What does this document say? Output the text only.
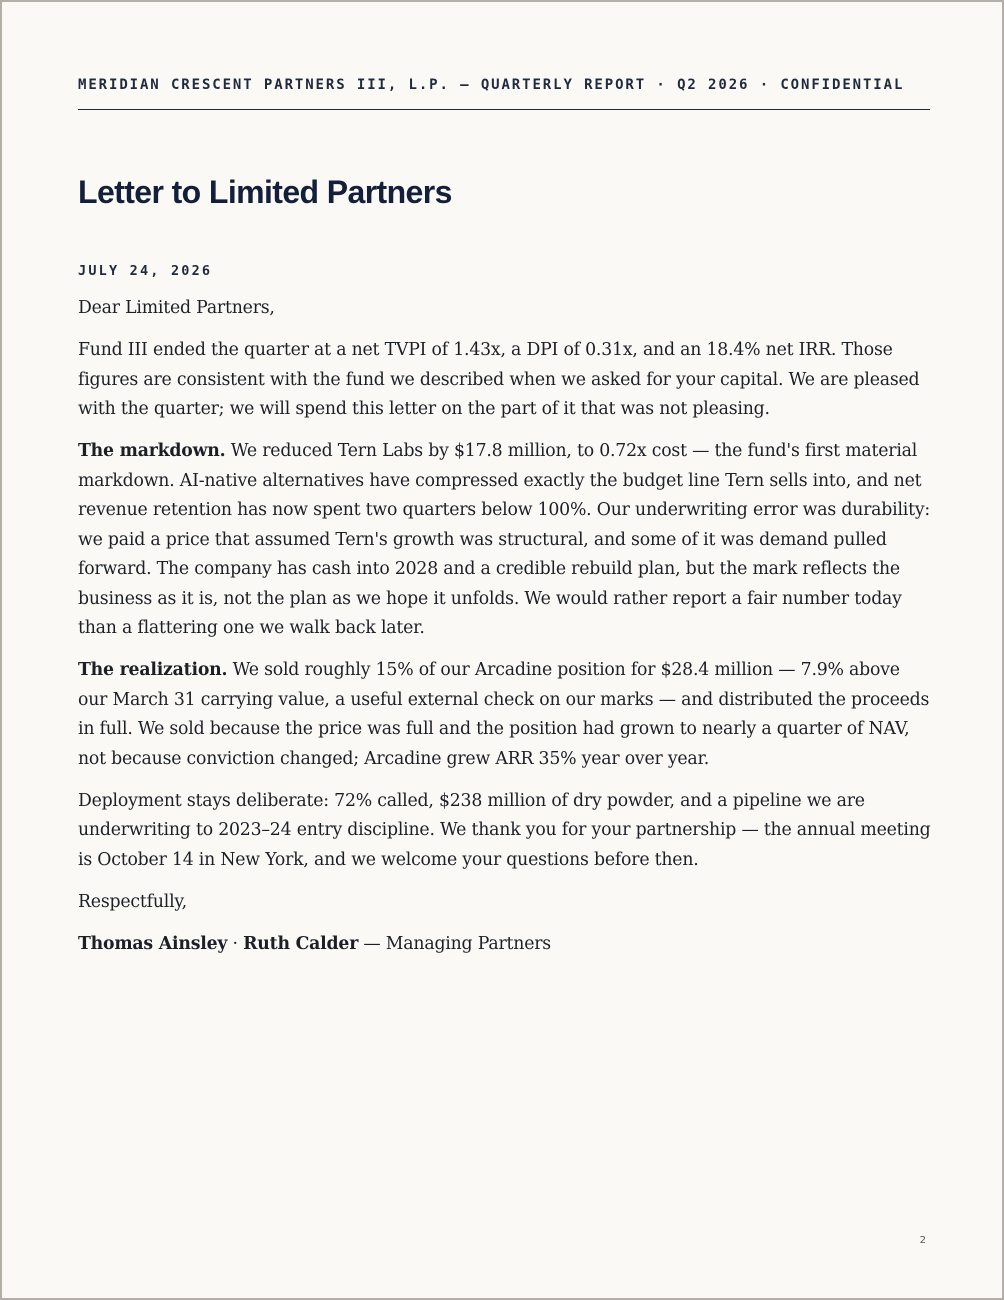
MERIDIAN CRESCENT PARTNERS III, L.P. — QUARTERLY REPORT · Q2 2026 · CONFIDENTIAL
Letter to Limited Partners
JULY 24, 2026

Dear Limited Partners,

Fund III ended the quarter at a net TVPI of 1.43x, a DPI of 0.31x, and an 18.4% net IRR. Those figures are consistent with the fund we described when we asked for your capital. We are pleased with the quarter; we will spend this letter on the part of it that was not pleasing.

The markdown. We reduced Tern Labs by $17.8 million, to 0.72x cost — the fund's first material markdown. AI-native alternatives have compressed exactly the budget line Tern sells into, and net revenue retention has now spent two quarters below 100%. Our underwriting error was durability: we paid a price that assumed Tern's growth was structural, and some of it was demand pulled forward. The company has cash into 2028 and a credible rebuild plan, but the mark reflects the business as it is, not the plan as we hope it unfolds. We would rather report a fair number today than a flattering one we walk back later.

The realization. We sold roughly 15% of our Arcadine position for $28.4 million — 7.9% above our March 31 carrying value, a useful external check on our marks — and distributed the proceeds in full. We sold because the price was full and the position had grown to nearly a quarter of NAV, not because conviction changed; Arcadine grew ARR 35% year over year.

Deployment stays deliberate: 72% called, $238 million of dry powder, and a pipeline we are underwriting to 2023–24 entry discipline. We thank you for your partnership — the annual meeting is October 14 in New York, and we welcome your questions before then.

Respectfully,

Thomas Ainsley · Ruth Calder — Managing Partners

2
